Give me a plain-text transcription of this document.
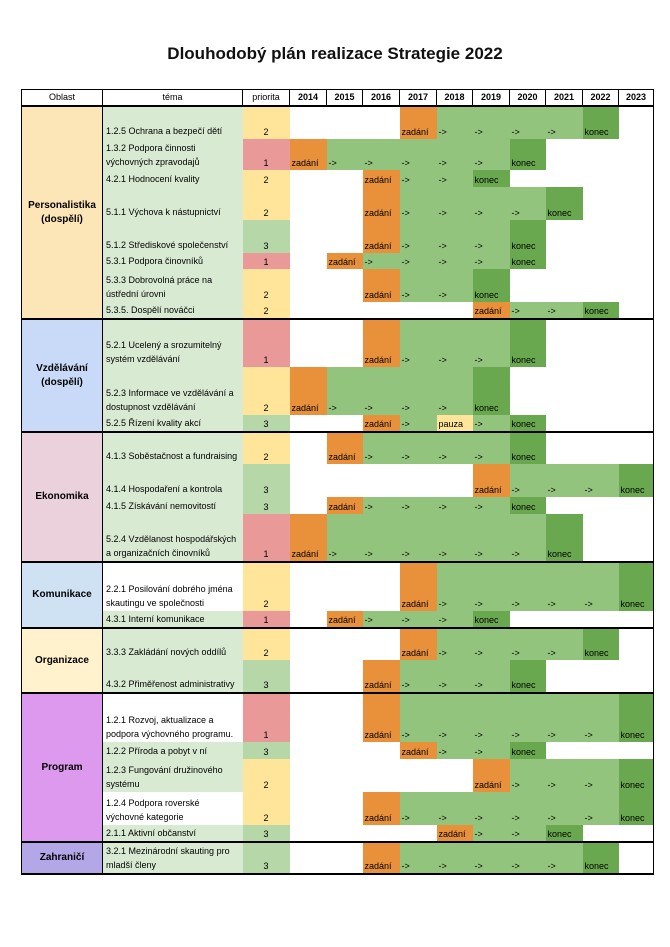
Dlouhodobý plán realizace Strategie 2022
Oblast	téma	priorita	2014	2015	2016	2017	2018	2019	2020	2021	2022	2023
Personalistika (dospělí)	1.2.5 Ochrana a bezpečí dětí	2				zadání	->	->	->	->	konec	
	1.3.2 Podpora činnosti výchovných zpravodajů	1	zadání	->	->	->	->	->	konec			
	4.2.1 Hodnocení kvality	2			zadání	->	->	konec				
	5.1.1 Výchova k nástupnictví	2			zadání	->	->	->	->	konec		
	5.1.2 Střediskové společenství	3			zadání	->	->	->	konec			
	5.3.1 Podpora činovníků	1		zadání	->	->	->	->	konec			
	5.3.3 Dobrovolná práce na ústřední úrovni	2			zadání	->	->	konec				
	5.3.5. Dospělí nováčci	2						zadání	->	->	konec	
Vzdělávání (dospělí)	5.2.1 Ucelený a srozumitelný systém vzdělávání	1			zadání	->	->	->	konec			
	5.2.3 Informace ve vzdělávání a dostupnost vzdělávání	2	zadání	->	->	->	->	konec				
	5.2.5 Řízení kvality akcí	3			zadání	->	pauza	->	konec			
Ekonomika	4.1.3 Soběstačnost a fundraising	2		zadání	->	->	->	->	konec			
	4.1.4 Hospodaření a kontrola	3						zadání	->	->	->	konec
	4.1.5 Získávání nemovitostí	3		zadání	->	->	->	->	konec			
	5.2.4 Vzdělanost hospodářských a organizačních činovníků	1	zadání	->	->	->	->	->	->	konec		
Komunikace	2.2.1 Posilování dobrého jména skautingu ve společnosti	2				zadání	->	->	->	->	->	konec
	4.3.1 Interní komunikace	1		zadání	->	->	->	konec				
Organizace	3.3.3 Zakládání nových oddílů	2				zadání	->	->	->	->	konec	
	4.3.2 Přiměřenost administrativy	3			zadání	->	->	->	konec			
Program	1.2.1 Rozvoj, aktualizace a podpora výchovného programu.	1			zadání	->	->	->	->	->	->	konec
	1.2.2 Příroda a pobyt v ní	3				zadání	->	->	konec			
	1.2.3 Fungování družinového systému	2						zadání	->	->	->	konec
	1.2.4 Podpora roverské výchovné kategorie	2			zadání	->	->	->	->	->	->	konec
	2.1.1 Aktivní občanství	3					zadání	->	->	konec		
Zahraničí	3.2.1 Mezinárodní skauting pro mladší členy	3			zadání	->	->	->	->	->	konec	
